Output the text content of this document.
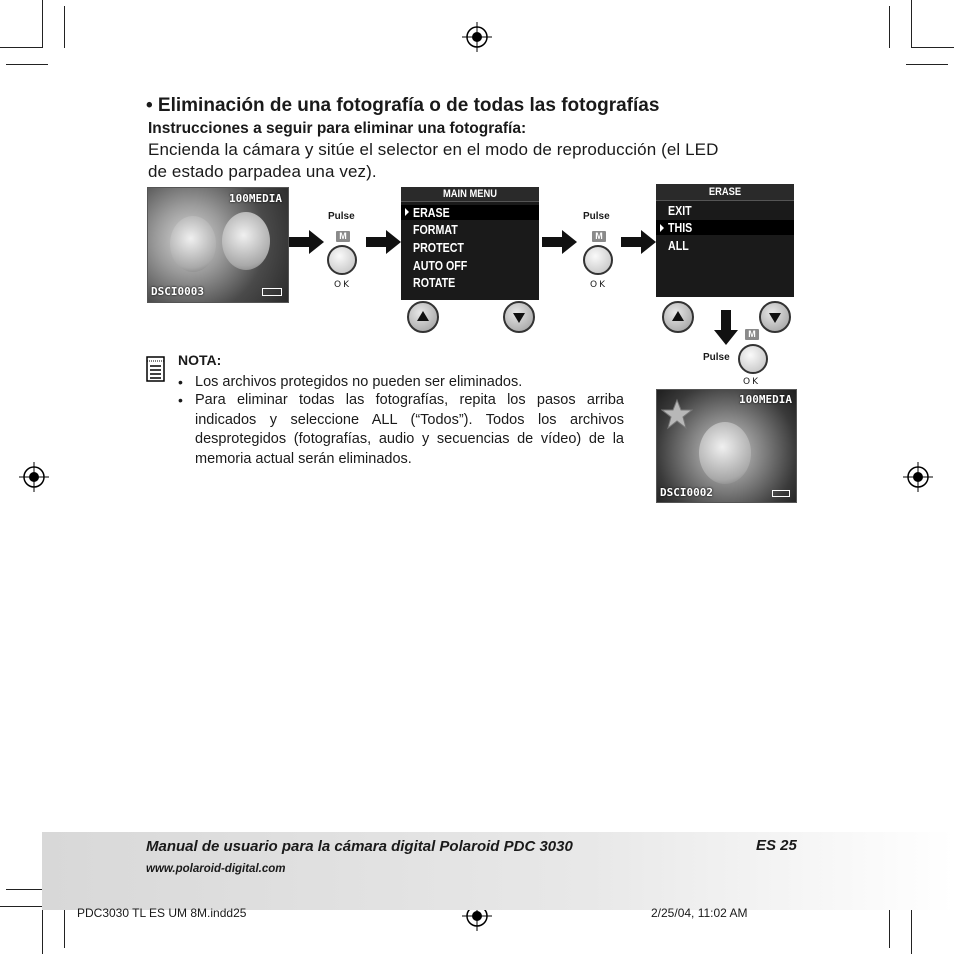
• Eliminación de una fotografía o de todas las fotografías
Instrucciones a seguir para eliminar una fotografía:
Encienda la cámara y sitúe el selector en el modo de reproducción (el LED
de estado parpadea una vez).
100MEDIA
DSCI0003
Pulse
M
OK
MAIN MENU
ERASE
FORMAT
PROTECT
AUTO OFF
ROTATE
Pulse
M
OK
ERASE
EXIT
THIS
ALL
M
Pulse
OK
100MEDIA
DSCI0002
NOTA:
• Los archivos protegidos no pueden ser eliminados.
• Para eliminar todas las fotografías, repita los pasos arriba indicados y seleccione ALL (“Todos”). Todos los archivos desprotegidos (fotografías, audio y secuencias de vídeo) de la memoria actual serán eliminados.
Manual de usuario para la cámara digital Polaroid PDC 3030	ES 25
www.polaroid-digital.com
PDC3030 TL ES UM 8M.indd25	2/25/04, 11:02 AM
